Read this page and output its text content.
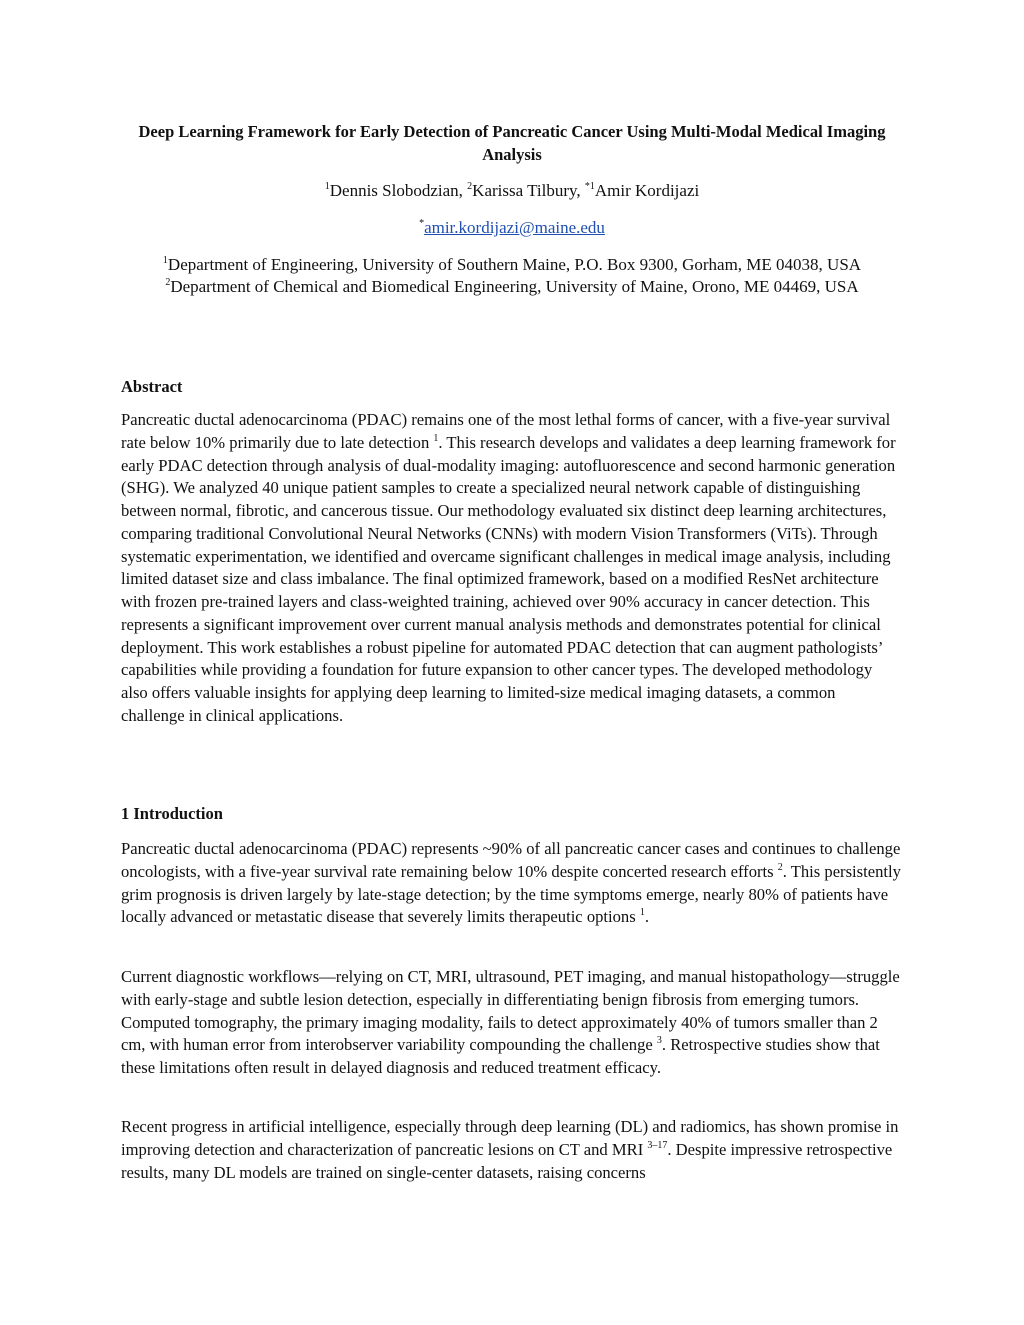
Deep Learning Framework for Early Detection of Pancreatic Cancer Using Multi-Modal Medical Imaging Analysis
$^1$Dennis Slobodzian, $^2$Karissa Tilbury, $^{*1}$Amir Kordijazi
*amir.kordijazi@maine.edu
$^1$Department of Engineering, University of Southern Maine, P.O. Box 9300, Gorham, ME 04038, USA
$^2$Department of Chemical and Biomedical Engineering, University of Maine, Orono, ME 04469, USA
Abstract
Pancreatic ductal adenocarcinoma (PDAC) remains one of the most lethal forms of cancer, with a five-year survival rate below 10% primarily due to late detection $^1$. This research develops and validates a deep learning framework for early PDAC detection through analysis of dual-modality imaging: autofluorescence and second harmonic generation (SHG). We analyzed 40 unique patient samples to create a specialized neural network capable of distinguishing between normal, fibrotic, and cancerous tissue. Our methodology evaluated six distinct deep learning architectures, comparing traditional Convolutional Neural Networks (CNNs) with modern Vision Transformers (ViTs). Through systematic experimentation, we identified and overcame significant challenges in medical image analysis, including limited dataset size and class imbalance. The final optimized framework, based on a modified ResNet architecture with frozen pre-trained layers and class-weighted training, achieved over 90% accuracy in cancer detection. This represents a significant improvement over current manual analysis methods and demonstrates potential for clinical deployment. This work establishes a robust pipeline for automated PDAC detection that can augment pathologists’ capabilities while providing a foundation for future expansion to other cancer types. The developed methodology also offers valuable insights for applying deep learning to limited-size medical imaging datasets, a common challenge in clinical applications.
1 Introduction
Pancreatic ductal adenocarcinoma (PDAC) represents ~90% of all pancreatic cancer cases and continues to challenge oncologists, with a five-year survival rate remaining below 10% despite concerted research efforts $^2$. This persistently grim prognosis is driven largely by late-stage detection; by the time symptoms emerge, nearly 80% of patients have locally advanced or metastatic disease that severely limits therapeutic options $^1$.
Current diagnostic workflows—relying on CT, MRI, ultrasound, PET imaging, and manual histopathology—struggle with early-stage and subtle lesion detection, especially in differentiating benign fibrosis from emerging tumors. Computed tomography, the primary imaging modality, fails to detect approximately 40% of tumors smaller than 2 cm, with human error from interobserver variability compounding the challenge $^3$. Retrospective studies show that these limitations often result in delayed diagnosis and reduced treatment efficacy.
Recent progress in artificial intelligence, especially through deep learning (DL) and radiomics, has shown promise in improving detection and characterization of pancreatic lesions on CT and MRI $^{3-17}$. Despite impressive retrospective results, many DL models are trained on single-center datasets, raising concerns
